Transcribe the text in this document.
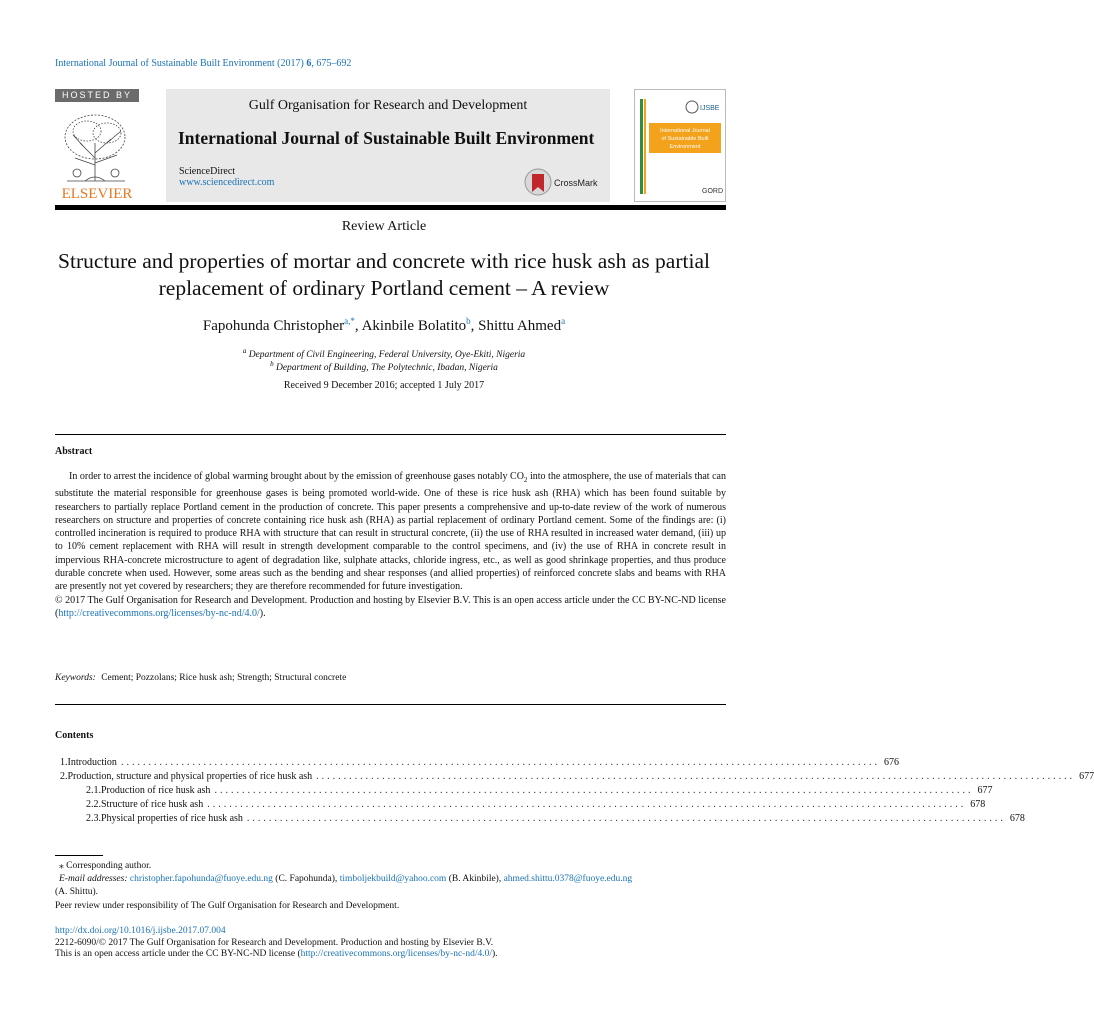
International Journal of Sustainable Built Environment (2017) 6, 675–692
HOSTED BY
ELSEVIER
Gulf Organisation for Research and Development
International Journal of Sustainable Built Environment
ScienceDirect
www.sciencedirect.com	CrossMark
IJSBE
International Journal
of Sustainable Built
Environment
GORD
Review Article
Structure and properties of mortar and concrete with rice husk ash as partial replacement of ordinary Portland cement – A review
Fapohunda Christopher$^{a,*}$, Akinbile Bolatito$^b$, Shittu Ahmed$^a$
$^a$ Department of Civil Engineering, Federal University, Oye-Ekiti, Nigeria
$^b$ Department of Building, The Polytechnic, Ibadan, Nigeria
Received 9 December 2016; accepted 1 July 2017
Abstract

In order to arrest the incidence of global warming brought about by the emission of greenhouse gases notably $CO_2$ into the atmosphere, the use of materials that can substitute the material responsible for greenhouse gases is being promoted world-wide. One of these is rice husk ash (RHA) which has been found suitable by researchers to partially replace Portland cement in the production of concrete. This paper presents a comprehensive and up-to-date review of the work of numerous researchers on structure and properties of concrete containing rice husk ash (RHA) as partial replacement of ordinary Portland cement. Some of the findings are: (i) controlled incineration is required to produce RHA with structure that can result in structural concrete, (ii) the use of RHA resulted in increased water demand, (iii) up to 10% cement replacement with RHA will result in strength development comparable to the control specimens, and (iv) the use of RHA in concrete result in impervious RHA-concrete microstructure to agent of degradation like, sulphate attacks, chloride ingress, etc., as well as good shrinkage properties, and thus produce durable concrete when used. However, some areas such as the bending and shear responses (and allied properties) of reinforced concrete slabs and beams with RHA are presently not yet covered by researchers; they are therefore recommended for future investigation.

© 2017 The Gulf Organisation for Research and Development. Production and hosting by Elsevier B.V. This is an open access article under the CC BY-NC-ND license (http://creativecommons.org/licenses/by-nc-nd/4.0/).

Keywords: Cement; Pozzolans; Rice husk ash; Strength; Structural concrete
Contents
1. Introduction .......................................................................................................................................... 676
2. Production, structure and physical properties of rice husk ash .......................................................................................................................................... 677
2.1. Production of rice husk ash .......................................................................................................................................... 677
2.2. Structure of rice husk ash .......................................................................................................................................... 678
2.3. Physical properties of rice husk ash .......................................................................................................................................... 678
⁎ Corresponding author.
E-mail addresses: christopher.fapohunda@fuoye.edu.ng (C. Fapohunda), timboljekbuild@yahoo.com (B. Akinbile), ahmed.shittu.0378@fuoye.edu.ng
(A. Shittu).
Peer review under responsibility of The Gulf Organisation for Research and Development.
http://dx.doi.org/10.1016/j.ijsbe.2017.07.004
2212-6090/© 2017 The Gulf Organisation for Research and Development. Production and hosting by Elsevier B.V.
This is an open access article under the CC BY-NC-ND license (http://creativecommons.org/licenses/by-nc-nd/4.0/).
